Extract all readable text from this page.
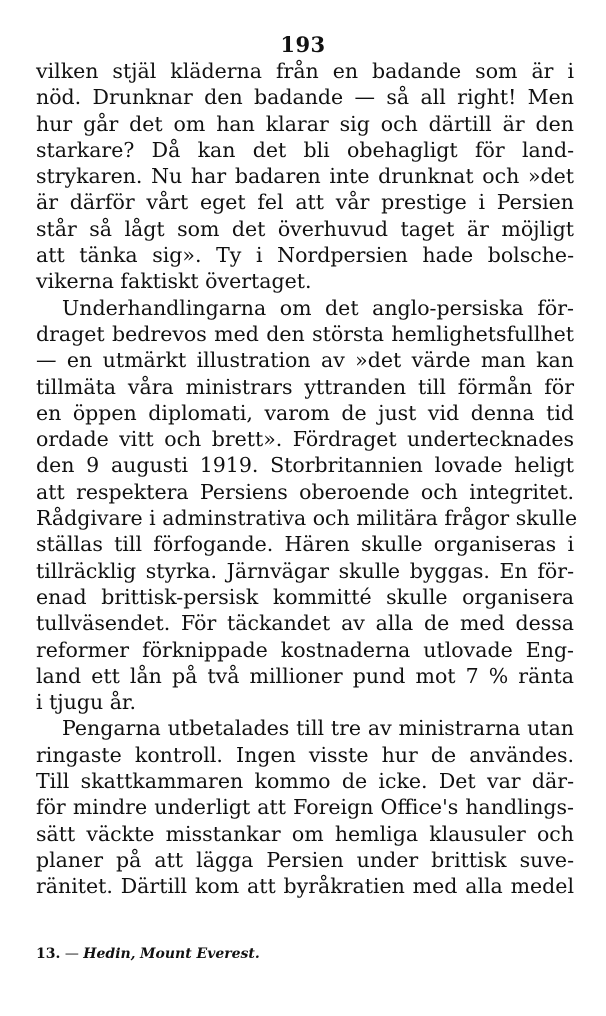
193
vilken stjäl kläderna från en badande som är i
nöd. Drunknar den badande — så all right! Men
hur går det om han klarar sig och därtill är den
starkare? Då kan det bli obehagligt för land-
strykaren. Nu har badaren inte drunknat och »det
är därför vårt eget fel att vår prestige i Persien
står så lågt som det överhuvud taget är möjligt
att tänka sig». Ty i Nordpersien hade bolsche-
vikerna faktiskt övertaget.
Underhandlingarna om det anglo-persiska för-
draget bedrevos med den största hemlighetsfullhet
— en utmärkt illustration av »det värde man kan
tillmäta våra ministrars yttranden till förmån för
en öppen diplomati, varom de just vid denna tid
ordade vitt och brett». Fördraget undertecknades
den 9 augusti 1919. Storbritannien lovade heligt
att respektera Persiens oberoende och integritet.
Rådgivare i adminstrativa och militära frågor skulle
ställas till förfogande. Hären skulle organiseras i
tillräcklig styrka. Järnvägar skulle byggas. En för-
enad brittisk-persisk kommitté skulle organisera
tullväsendet. För täckandet av alla de med dessa
reformer förknippade kostnaderna utlovade Eng-
land ett lån på två millioner pund mot 7 % ränta
i tjugu år.
Pengarna utbetalades till tre av ministrarna utan
ringaste kontroll. Ingen visste hur de användes.
Till skattkammaren kommo de icke. Det var där-
för mindre underligt att Foreign Office's handlings-
sätt väckte misstankar om hemliga klausuler och
planer på att lägga Persien under brittisk suve-
ränitet. Därtill kom att byråkratien med alla medel
13. — Hedin, Mount Everest.
